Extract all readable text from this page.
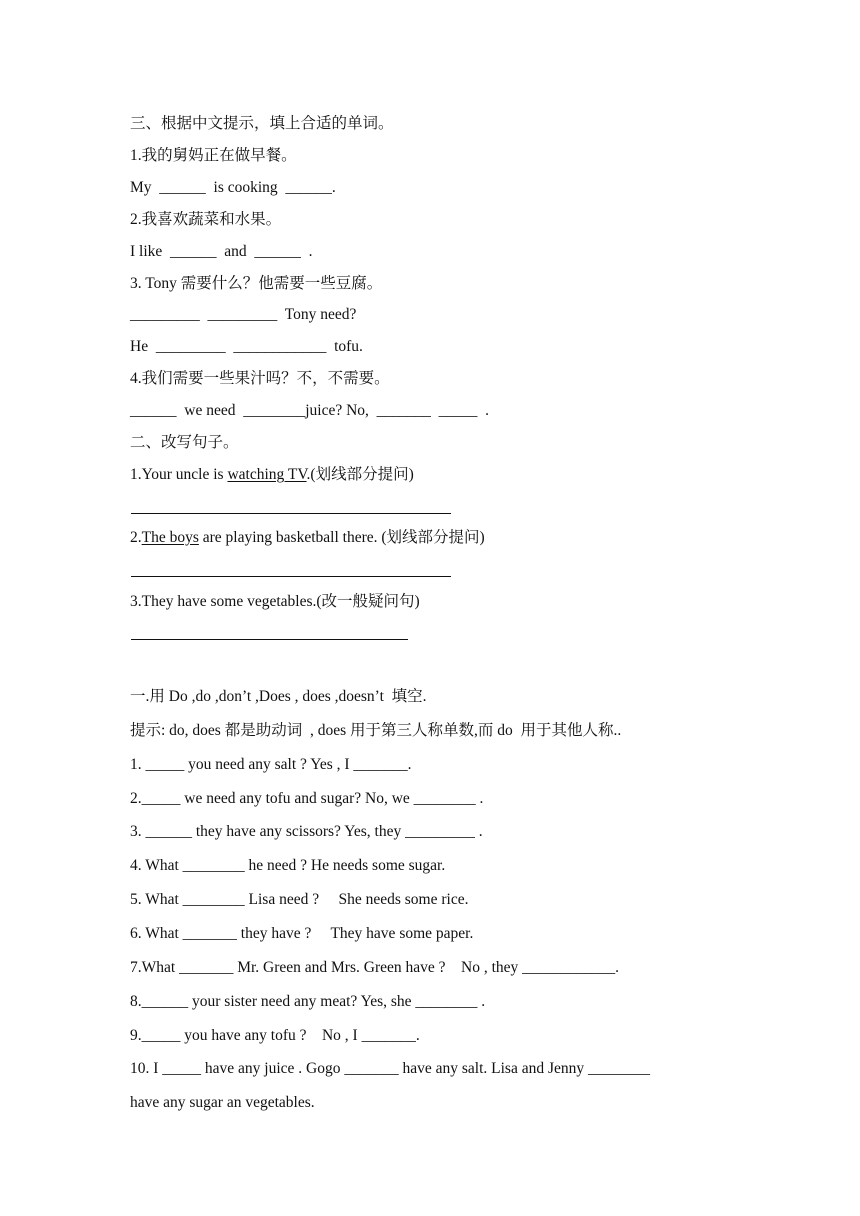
三、根据中文提示，填上合适的单词。
1.我的舅妈正在做早餐。
My  ______  is cooking  ______.
2.我喜欢蔬菜和水果。
I like  ______  and  ______  .
3. Tony 需要什么？他需要一些豆腐。
_________  _________  Tony need?
He  _________  ____________  tofu.
4.我们需要一些果汁吗？不，不需要。
______  we need  ________juice? No,  _______  _____  .
二、改写句子。
1.Your uncle is watching TV.(划线部分提问)
2.The boys are playing basketball there. (划线部分提问)
3.They have some vegetables.(改一般疑问句)
一.用 Do ,do ,don’t ,Does , does ,doesn’t  填空.
提示: do, does 都是助动词  , does 用于第三人称单数,而 do  用于其他人称..
1. _____ you need any salt ? Yes , I _______.
2._____ we need any tofu and sugar? No, we ________ .
3. ______ they have any scissors? Yes, they _________ .
4. What ________ he need ? He needs some sugar.
5. What ________ Lisa need ?     She needs some rice.
6. What _______ they have ?     They have some paper.
7.What _______ Mr. Green and Mrs. Green have ?    No , they ____________.
8.______ your sister need any meat? Yes, she ________ .
9._____ you have any tofu ?    No , I _______.
10. I _____ have any juice . Gogo _______ have any salt. Lisa and Jenny ________
have any sugar an vegetables.
